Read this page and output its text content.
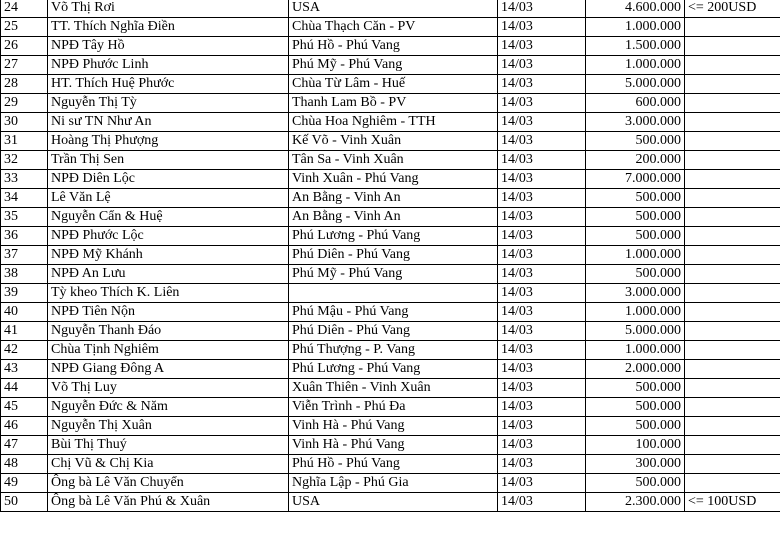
24	Võ Thị Rơi	USA	14/03	4.600.000	<= 200USD
25	TT. Thích Nghĩa Điền	Chùa Thạch Căn - PV	14/03	1.000.000	
26	NPĐ Tây Hồ	Phú Hồ - Phú Vang	14/03	1.500.000	
27	NPĐ Phước Linh	Phú Mỹ - Phú Vang	14/03	1.000.000	
28	HT. Thích Huệ Phước	Chùa Từ Lâm - Huế	14/03	5.000.000	
29	Nguyễn Thị Tỳ	Thanh Lam Bồ - PV	14/03	600.000	
30	Ni sư TN Như An	Chùa Hoa Nghiêm - TTH	14/03	3.000.000	
31	Hoàng Thị Phượng	Kế Võ - Vinh Xuân	14/03	500.000	
32	Trần Thị Sen	Tân Sa - Vinh Xuân	14/03	200.000	
33	NPĐ Diên Lộc	Vinh Xuân - Phú Vang	14/03	7.000.000	
34	Lê Văn Lệ	An Bằng - Vinh An	14/03	500.000	
35	Nguyễn Cẩn & Huệ	An Bằng - Vinh An	14/03	500.000	
36	NPĐ Phước Lộc	Phú Lương - Phú Vang	14/03	500.000	
37	NPĐ Mỹ Khánh	Phú Diên - Phú Vang	14/03	1.000.000	
38	NPĐ An Lưu	Phú Mỹ - Phú Vang	14/03	500.000	
39	Tỳ kheo Thích K. Liên		14/03	3.000.000	
40	NPĐ Tiên Nộn	Phú Mậu - Phú Vang	14/03	1.000.000	
41	Nguyễn Thanh Đáo	Phú Diên - Phú Vang	14/03	5.000.000	
42	Chùa Tịnh Nghiêm	Phú Thượng - P. Vang	14/03	1.000.000	
43	NPĐ Giang Đông A	Phú Lương - Phú Vang	14/03	2.000.000	
44	Võ Thị Luy	Xuân Thiên - Vinh Xuân	14/03	500.000	
45	Nguyễn Đức & Năm	Viễn Trình - Phú Đa	14/03	500.000	
46	Nguyễn Thị Xuân	Vinh Hà - Phú Vang	14/03	500.000	
47	Bùi Thị Thuý	Vinh Hà - Phú Vang	14/03	100.000	
48	Chị Vũ & Chị Kia	Phú Hồ - Phú Vang	14/03	300.000	
49	Ông bà Lê Văn Chuyển	Nghĩa Lập - Phú Gia	14/03	500.000	
50	Ông bà Lê Văn Phú & Xuân	USA	14/03	2.300.000	<= 100USD
